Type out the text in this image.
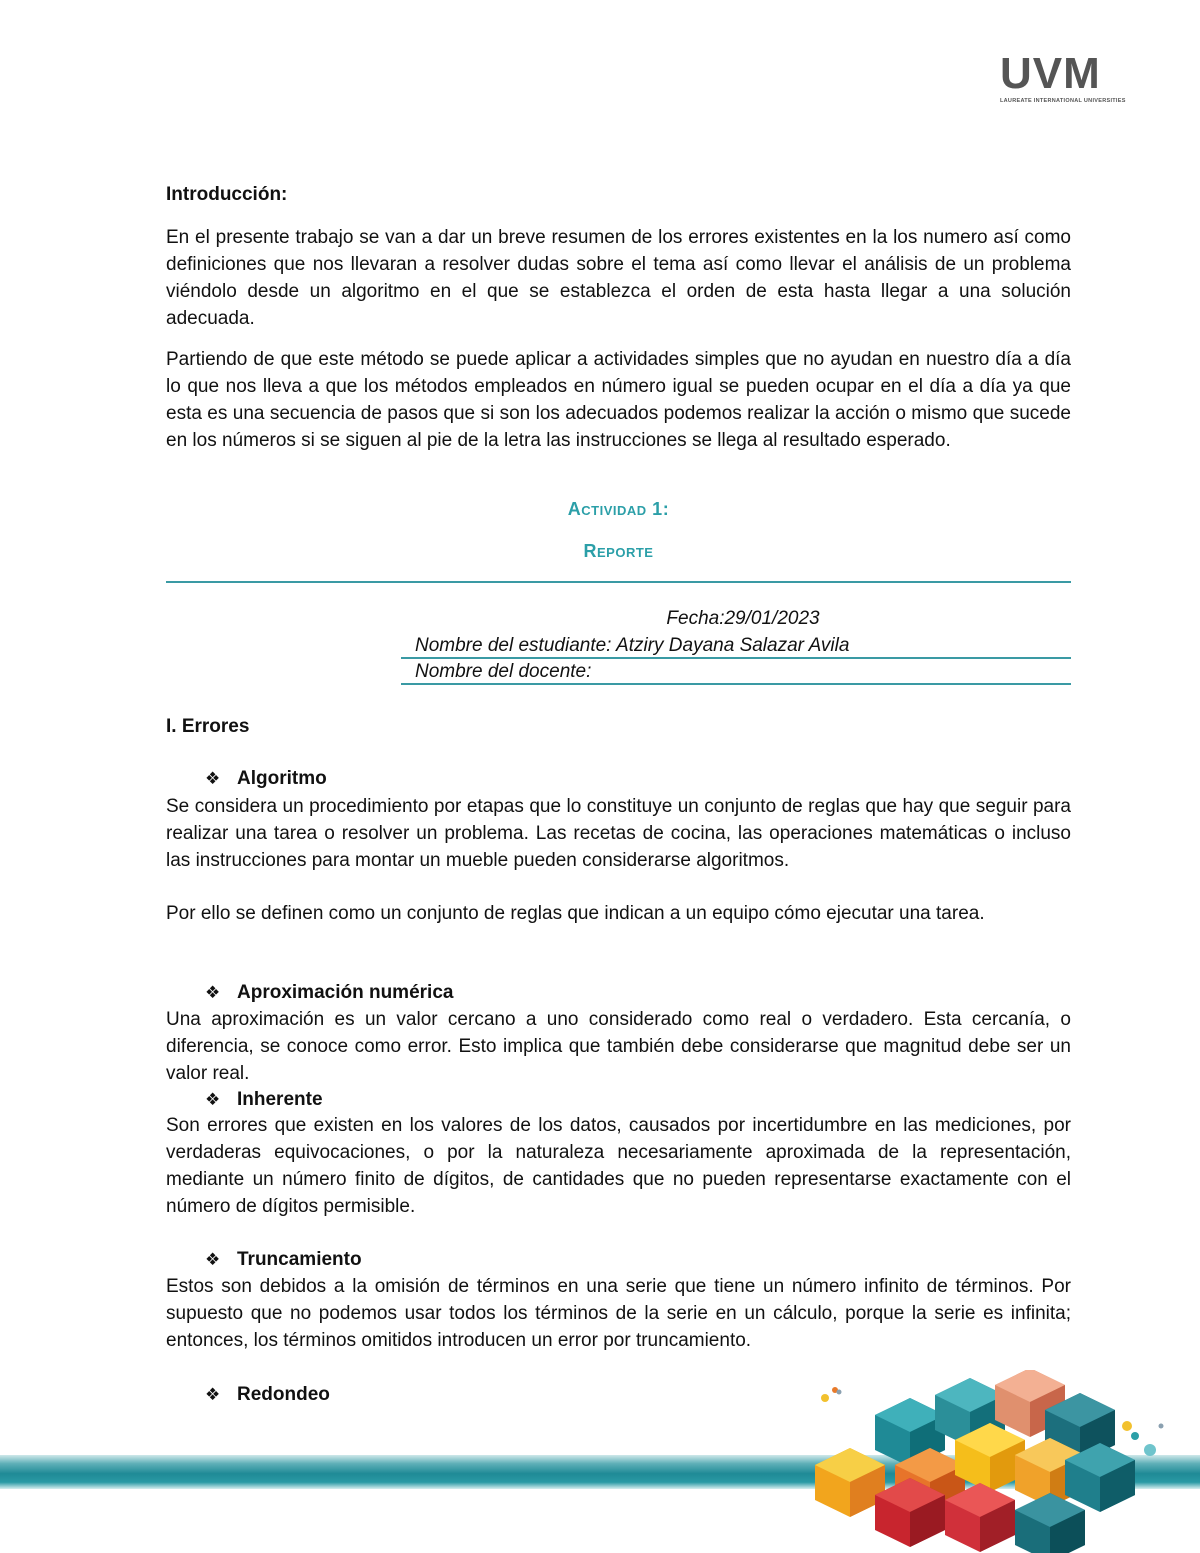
UVM
LAUREATE INTERNATIONAL UNIVERSITIES

Introducción:

En el presente trabajo se van a dar un breve resumen de los errores existentes en la los numero así como definiciones que nos llevaran a resolver dudas sobre el tema así como llevar el análisis de un problema viéndolo desde un algoritmo en el que se establezca el orden de esta hasta llegar a una solución adecuada.

Partiendo de que este método se puede aplicar a actividades simples que no ayudan en nuestro día a día lo que nos lleva a que los métodos empleados en número igual se pueden ocupar en el día a día ya que esta es una secuencia de pasos que si son los adecuados podemos realizar la acción o mismo que sucede en los números si se siguen al pie de la letra las instrucciones se llega al resultado esperado.

Actividad 1:
Reporte
Fecha:29/01/2023
Nombre del estudiante: Atziry Dayana Salazar Avila
Nombre del docente:

I. Errores

❖ Algoritmo

Se considera un procedimiento por etapas que lo constituye un conjunto de reglas que hay que seguir para realizar una tarea o resolver un problema. Las recetas de cocina, las operaciones matemáticas o incluso las instrucciones para montar un mueble pueden considerarse algoritmos.

Por ello se definen como un conjunto de reglas que indican a un equipo cómo ejecutar una tarea.

❖ Aproximación numérica

Una aproximación es un valor cercano a uno considerado como real o verdadero. Esta cercanía, o diferencia, se conoce como error. Esto implica que también debe considerarse que magnitud debe ser un valor real.

❖ Inherente

Son errores que existen en los valores de los datos, causados por incertidumbre en las mediciones, por verdaderas equivocaciones, o por la naturaleza necesariamente aproximada de la representación, mediante un número finito de dígitos, de cantidades que no pueden representarse exactamente con el número de dígitos permisible.

❖ Truncamiento

Estos son debidos a la omisión de términos en una serie que tiene un número infinito de términos. Por supuesto que no podemos usar todos los términos de la serie en un cálculo, porque la serie es infinita; entonces, los términos omitidos introducen un error por truncamiento.

❖ Redondeo
